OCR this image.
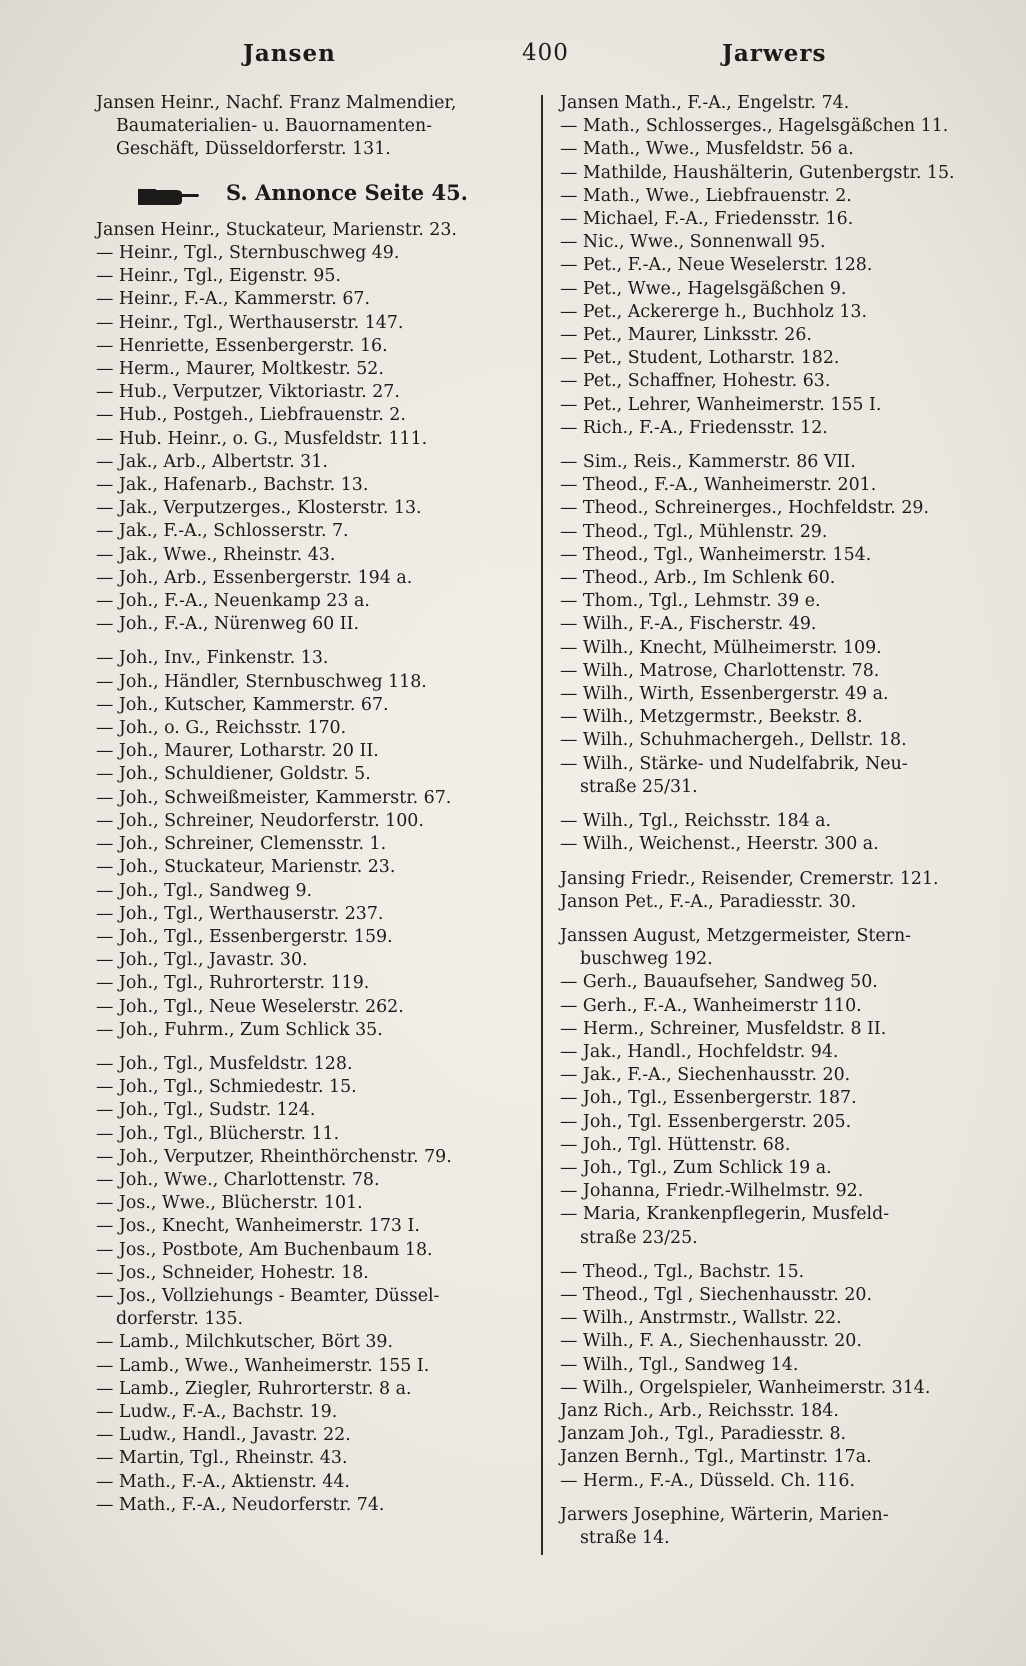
Jansen	400	Jarwers
Jansen Heinr., Nachf. Franz Malmendier,
Baumaterialien- u. Bauornamenten-
Geschäft, Düsseldorferstr. 131.
S. Annonce Seite 45.
Jansen Heinr., Stuckateur, Marienstr. 23.
— Heinr., Tgl., Sternbuschweg 49.
— Heinr., Tgl., Eigenstr. 95.
— Heinr., F.-A., Kammerstr. 67.
— Heinr., Tgl., Werthauserstr. 147.
— Henriette, Essenbergerstr. 16.
— Herm., Maurer, Moltkestr. 52.
— Hub., Verputzer, Viktoriastr. 27.
— Hub., Postgeh., Liebfrauenstr. 2.
— Hub. Heinr., o. G., Musfeldstr. 111.
— Jak., Arb., Albertstr. 31.
— Jak., Hafenarb., Bachstr. 13.
— Jak., Verputzerges., Klosterstr. 13.
— Jak., F.-A., Schlosserstr. 7.
— Jak., Wwe., Rheinstr. 43.
— Joh., Arb., Essenbergerstr. 194 a.
— Joh., F.-A., Neuenkamp 23 a.
— Joh., F.-A., Nürenweg 60 II.
— Joh., Inv., Finkenstr. 13.
— Joh., Händler, Sternbuschweg 118.
— Joh., Kutscher, Kammerstr. 67.
— Joh., o. G., Reichsstr. 170.
— Joh., Maurer, Lotharstr. 20 II.
— Joh., Schuldiener, Goldstr. 5.
— Joh., Schweißmeister, Kammerstr. 67.
— Joh., Schreiner, Neudorferstr. 100.
— Joh., Schreiner, Clemensstr. 1.
— Joh., Stuckateur, Marienstr. 23.
— Joh., Tgl., Sandweg 9.
— Joh., Tgl., Werthauserstr. 237.
— Joh., Tgl., Essenbergerstr. 159.
— Joh., Tgl., Javastr. 30.
— Joh., Tgl., Ruhrorterstr. 119.
— Joh., Tgl., Neue Weselerstr. 262.
— Joh., Fuhrm., Zum Schlick 35.
— Joh., Tgl., Musfeldstr. 128.
— Joh., Tgl., Schmiedestr. 15.
— Joh., Tgl., Sudstr. 124.
— Joh., Tgl., Blücherstr. 11.
— Joh., Verputzer, Rheinthörchenstr. 79.
— Joh., Wwe., Charlottenstr. 78.
— Jos., Wwe., Blücherstr. 101.
— Jos., Knecht, Wanheimerstr. 173 I.
— Jos., Postbote, Am Buchenbaum 18.
— Jos., Schneider, Hohestr. 18.
— Jos., Vollziehungs - Beamter, Düssel-
dorferstr. 135.
— Lamb., Milchkutscher, Bört 39.
— Lamb., Wwe., Wanheimerstr. 155 I.
— Lamb., Ziegler, Ruhrorterstr. 8 a.
— Ludw., F.-A., Bachstr. 19.
— Ludw., Handl., Javastr. 22.
— Martin, Tgl., Rheinstr. 43.
— Math., F.-A., Aktienstr. 44.
— Math., F.-A., Neudorferstr. 74.
Jansen Math., F.-A., Engelstr. 74.
— Math., Schlosserges., Hagelsgäßchen 11.
— Math., Wwe., Musfeldstr. 56 a.
— Mathilde, Haushälterin, Gutenbergstr. 15.
— Math., Wwe., Liebfrauenstr. 2.
— Michael, F.-A., Friedensstr. 16.
— Nic., Wwe., Sonnenwall 95.
— Pet., F.-A., Neue Weselerstr. 128.
— Pet., Wwe., Hagelsgäßchen 9.
— Pet., Ackererge h., Buchholz 13.
— Pet., Maurer, Linksstr. 26.
— Pet., Student, Lotharstr. 182.
— Pet., Schaffner, Hohestr. 63.
— Pet., Lehrer, Wanheimerstr. 155 I.
— Rich., F.-A., Friedensstr. 12.
— Sim., Reis., Kammerstr. 86 VII.
— Theod., F.-A., Wanheimerstr. 201.
— Theod., Schreinerges., Hochfeldstr. 29.
— Theod., Tgl., Mühlenstr. 29.
— Theod., Tgl., Wanheimerstr. 154.
— Theod., Arb., Im Schlenk 60.
— Thom., Tgl., Lehmstr. 39 e.
— Wilh., F.-A., Fischerstr. 49.
— Wilh., Knecht, Mülheimerstr. 109.
— Wilh., Matrose, Charlottenstr. 78.
— Wilh., Wirth, Essenbergerstr. 49 a.
— Wilh., Metzgermstr., Beekstr. 8.
— Wilh., Schuhmachergeh., Dellstr. 18.
— Wilh., Stärke- und Nudelfabrik, Neu-
straße 25/31.
— Wilh., Tgl., Reichsstr. 184 a.
— Wilh., Weichenst., Heerstr. 300 a.
Jansing Friedr., Reisender, Cremerstr. 121.
Janson Pet., F.-A., Paradiesstr. 30.
Janssen August, Metzgermeister, Stern-
buschweg 192.
— Gerh., Bauaufseher, Sandweg 50.
— Gerh., F.-A., Wanheimerstr 110.
— Herm., Schreiner, Musfeldstr. 8 II.
— Jak., Handl., Hochfeldstr. 94.
— Jak., F.-A., Siechenhausstr. 20.
— Joh., Tgl., Essenbergerstr. 187.
— Joh., Tgl. Essenbergerstr. 205.
— Joh., Tgl. Hüttenstr. 68.
— Joh., Tgl., Zum Schlick 19 a.
— Johanna, Friedr.-Wilhelmstr. 92.
— Maria, Krankenpflegerin, Musfeld-
straße 23/25.
— Theod., Tgl., Bachstr. 15.
— Theod., Tgl , Siechenhausstr. 20.
— Wilh., Anstrmstr., Wallstr. 22.
— Wilh., F. A., Siechenhausstr. 20.
— Wilh., Tgl., Sandweg 14.
— Wilh., Orgelspieler, Wanheimerstr. 314.
Janz Rich., Arb., Reichsstr. 184.
Janzam Joh., Tgl., Paradiesstr. 8.
Janzen Bernh., Tgl., Martinstr. 17a.
— Herm., F.-A., Düsseld. Ch. 116.
Jarwers Josephine, Wärterin, Marien-
straße 14.
